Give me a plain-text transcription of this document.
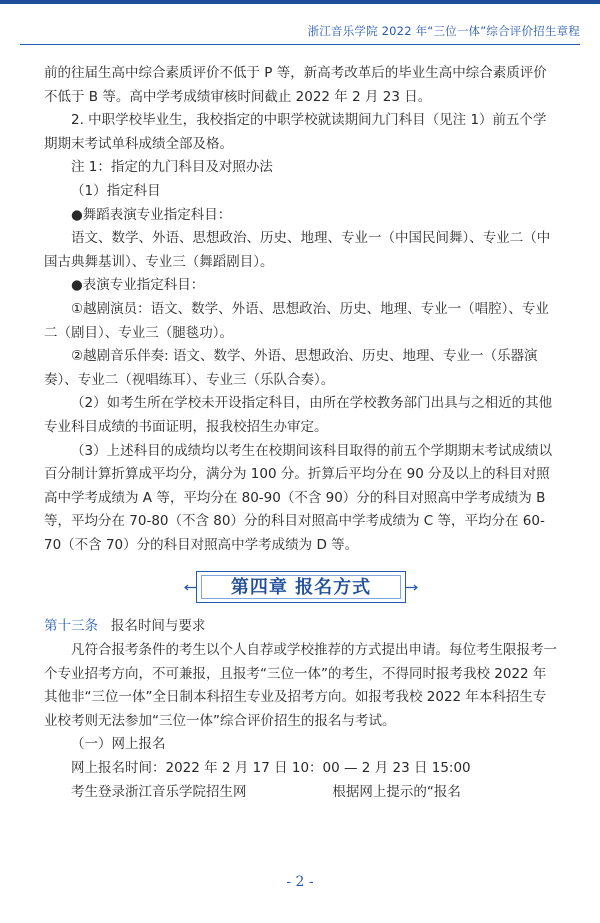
浙江音乐学院 2022 年“三位一体”综合评价招生章程

前的往届生高中综合素质评价不低于 P 等，新高考改革后的毕业生高中综合素质评价不低于 B 等。高中学考成绩审核时间截止 2022 年 2 月 23 日。

2. 中职学校毕业生，我校指定的中职学校就读期间九门科目（见注 1）前五个学期期末考试单科成绩全部及格。

注 1：指定的九门科目及对照办法

（1）指定科目

●舞蹈表演专业指定科目：

语文、数学、外语、思想政治、历史、地理、专业一（中国民间舞）、专业二（中国古典舞基训）、专业三（舞蹈剧目）。

●表演专业指定科目：

①越剧演员：语文、数学、外语、思想政治、历史、地理、专业一（唱腔）、专业二（剧目）、专业三（腿毯功）。

②越剧音乐伴奏: 语文、数学、外语、思想政治、历史、地理、专业一（乐器演奏）、专业二（视唱练耳）、专业三（乐队合奏）。

（2）如考生所在学校未开设指定科目，由所在学校教务部门出具与之相近的其他专业科目成绩的书面证明，报我校招生办审定。

（3）上述科目的成绩均以考生在校期间该科目取得的前五个学期期末考试成绩以百分制计算折算成平均分，满分为 100 分。折算后平均分在 90 分及以上的科目对照高中学考成绩为 A 等，平均分在 80-90（不含 90）分的科目对照高中学考成绩为 B 等，平均分在 70-80（不含 80）分的科目对照高中学考成绩为 C 等，平均分在 60-70（不含 70）分的科目对照高中学考成绩为 D 等。

第四章 报名方式

第十三条 报名时间与要求

凡符合报考条件的考生以个人自荐或学校推荐的方式提出申请。每位考生限报考一个专业招考方向，不可兼报，且报考“三位一体”的考生，不得同时报考我校 2022 年其他非“三位一体”全日制本科招生专业及招考方向。如报考我校 2022 年本科招生专业校考则无法参加“三位一体”综合评价招生的报名与考试。

（一）网上报名

网上报名时间：2022 年 2 月 17 日 10：00 — 2 月 23 日 15:00

考生登录浙江音乐学院招生网                    根据网上提示的“报名

- 2 -
